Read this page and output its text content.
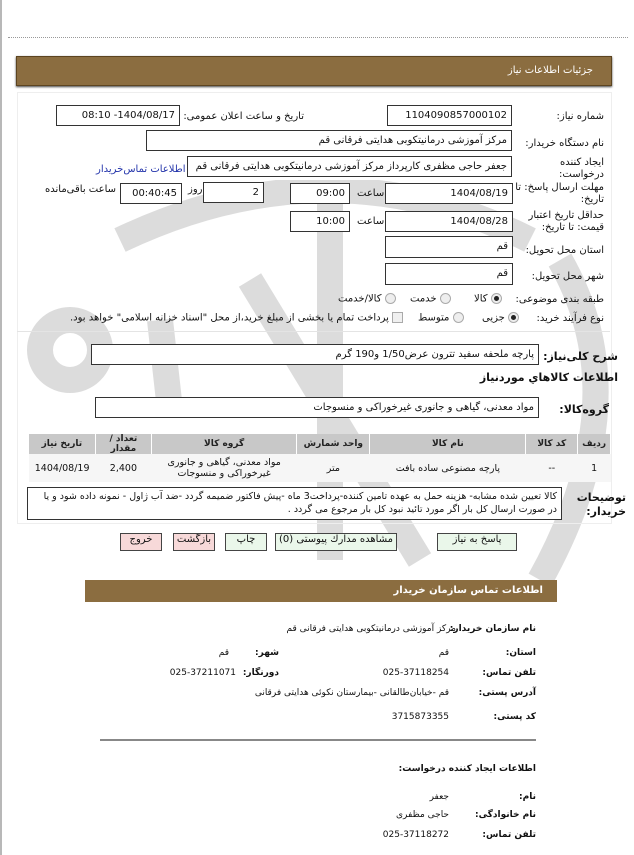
جزئیات اطلاعات نیاز
شماره نیاز:
1104090857000102
تاریخ و ساعت اعلان عمومی:
1404/08/17- 08:10
نام دستگاه خریدار:
مرکز آموزشی درمانیتکوبی هدایتی فرقانی قم
ایجاد کننده درخواست:
جعفر حاجی مظفری کارپرداز مرکز آموزشی درمانیتکوبی هدایتی فرقانی قم
اطلاعات تماس‌خریدار
مهلت ارسال پاسخ: تا تاریخ:
1404/08/19
ساعت
09:00
2
روز
00:40:45
ساعت باقی‌مانده
حداقل تاریخ اعتبار قیمت: تا تاریخ:
1404/08/28
ساعت
10:00
استان محل تحویل:
قم
شهر محل تحویل:
قم
طبقه بندی موضوعی:
کالا
خدمت
کالا/خدمت
نوع فرآیند خرید:
جزیی
متوسط
پرداخت تمام یا بخشی از مبلغ خرید،از محل "اسناد خزانه اسلامی" خواهد بود.
شرح کلی‌نیاز:
پارچه ملحفه سفید تترون عرض1/50 و190 گرم
اطلاعات کالاهاي موردنياز
گروه‌کالا:
مواد معدنی، گیاهی و جانوری غیرخوراکی و منسوجات
ردیف	کد کالا	نام کالا	واحد شمارش	گروه کالا	تعداد / مقدار	تاریخ نیاز
1	--	پارچه مصنوعی ساده بافت	متر	مواد معدنی، گیاهی و جانوری غیرخوراکی و منسوجات	2,400	1404/08/19
توضیحات خریدار:
کالا تعیین شده مشابه- هزینه حمل به عهده تامین کننده-پرداخت3 ماه -پیش فاکتور ضمیمه گردد -ضد آب ژاول - نمونه داده شود و یا در صورت ارسال کل بار اگر مورد تائید نبود کل بار مرجوع می گردد .
پاسخ به نیاز
مشاهده مدارك پیوستی (0)
چاپ
بازگشت
خروج
اطلاعات تماس سازمان خریدار
نام سازمان خریدار:
مرکز آموزشی درمانیتکوبی هدایتی فرقانی قم
استان:
قم
شهر:
قم
تلفن تماس:
025-37118254
دورنگار:
025-37211071
آدرس پستی:
قم -خیابان‌طالقانی -بیمارستان نکوئی هدایتی فرقانی
کد پستی:
3715873355
اطلاعات ایجاد کننده درخواست:
نام:
جعفر
نام خانوادگی:
حاجی مظفری
تلفن تماس:
025-37118272
